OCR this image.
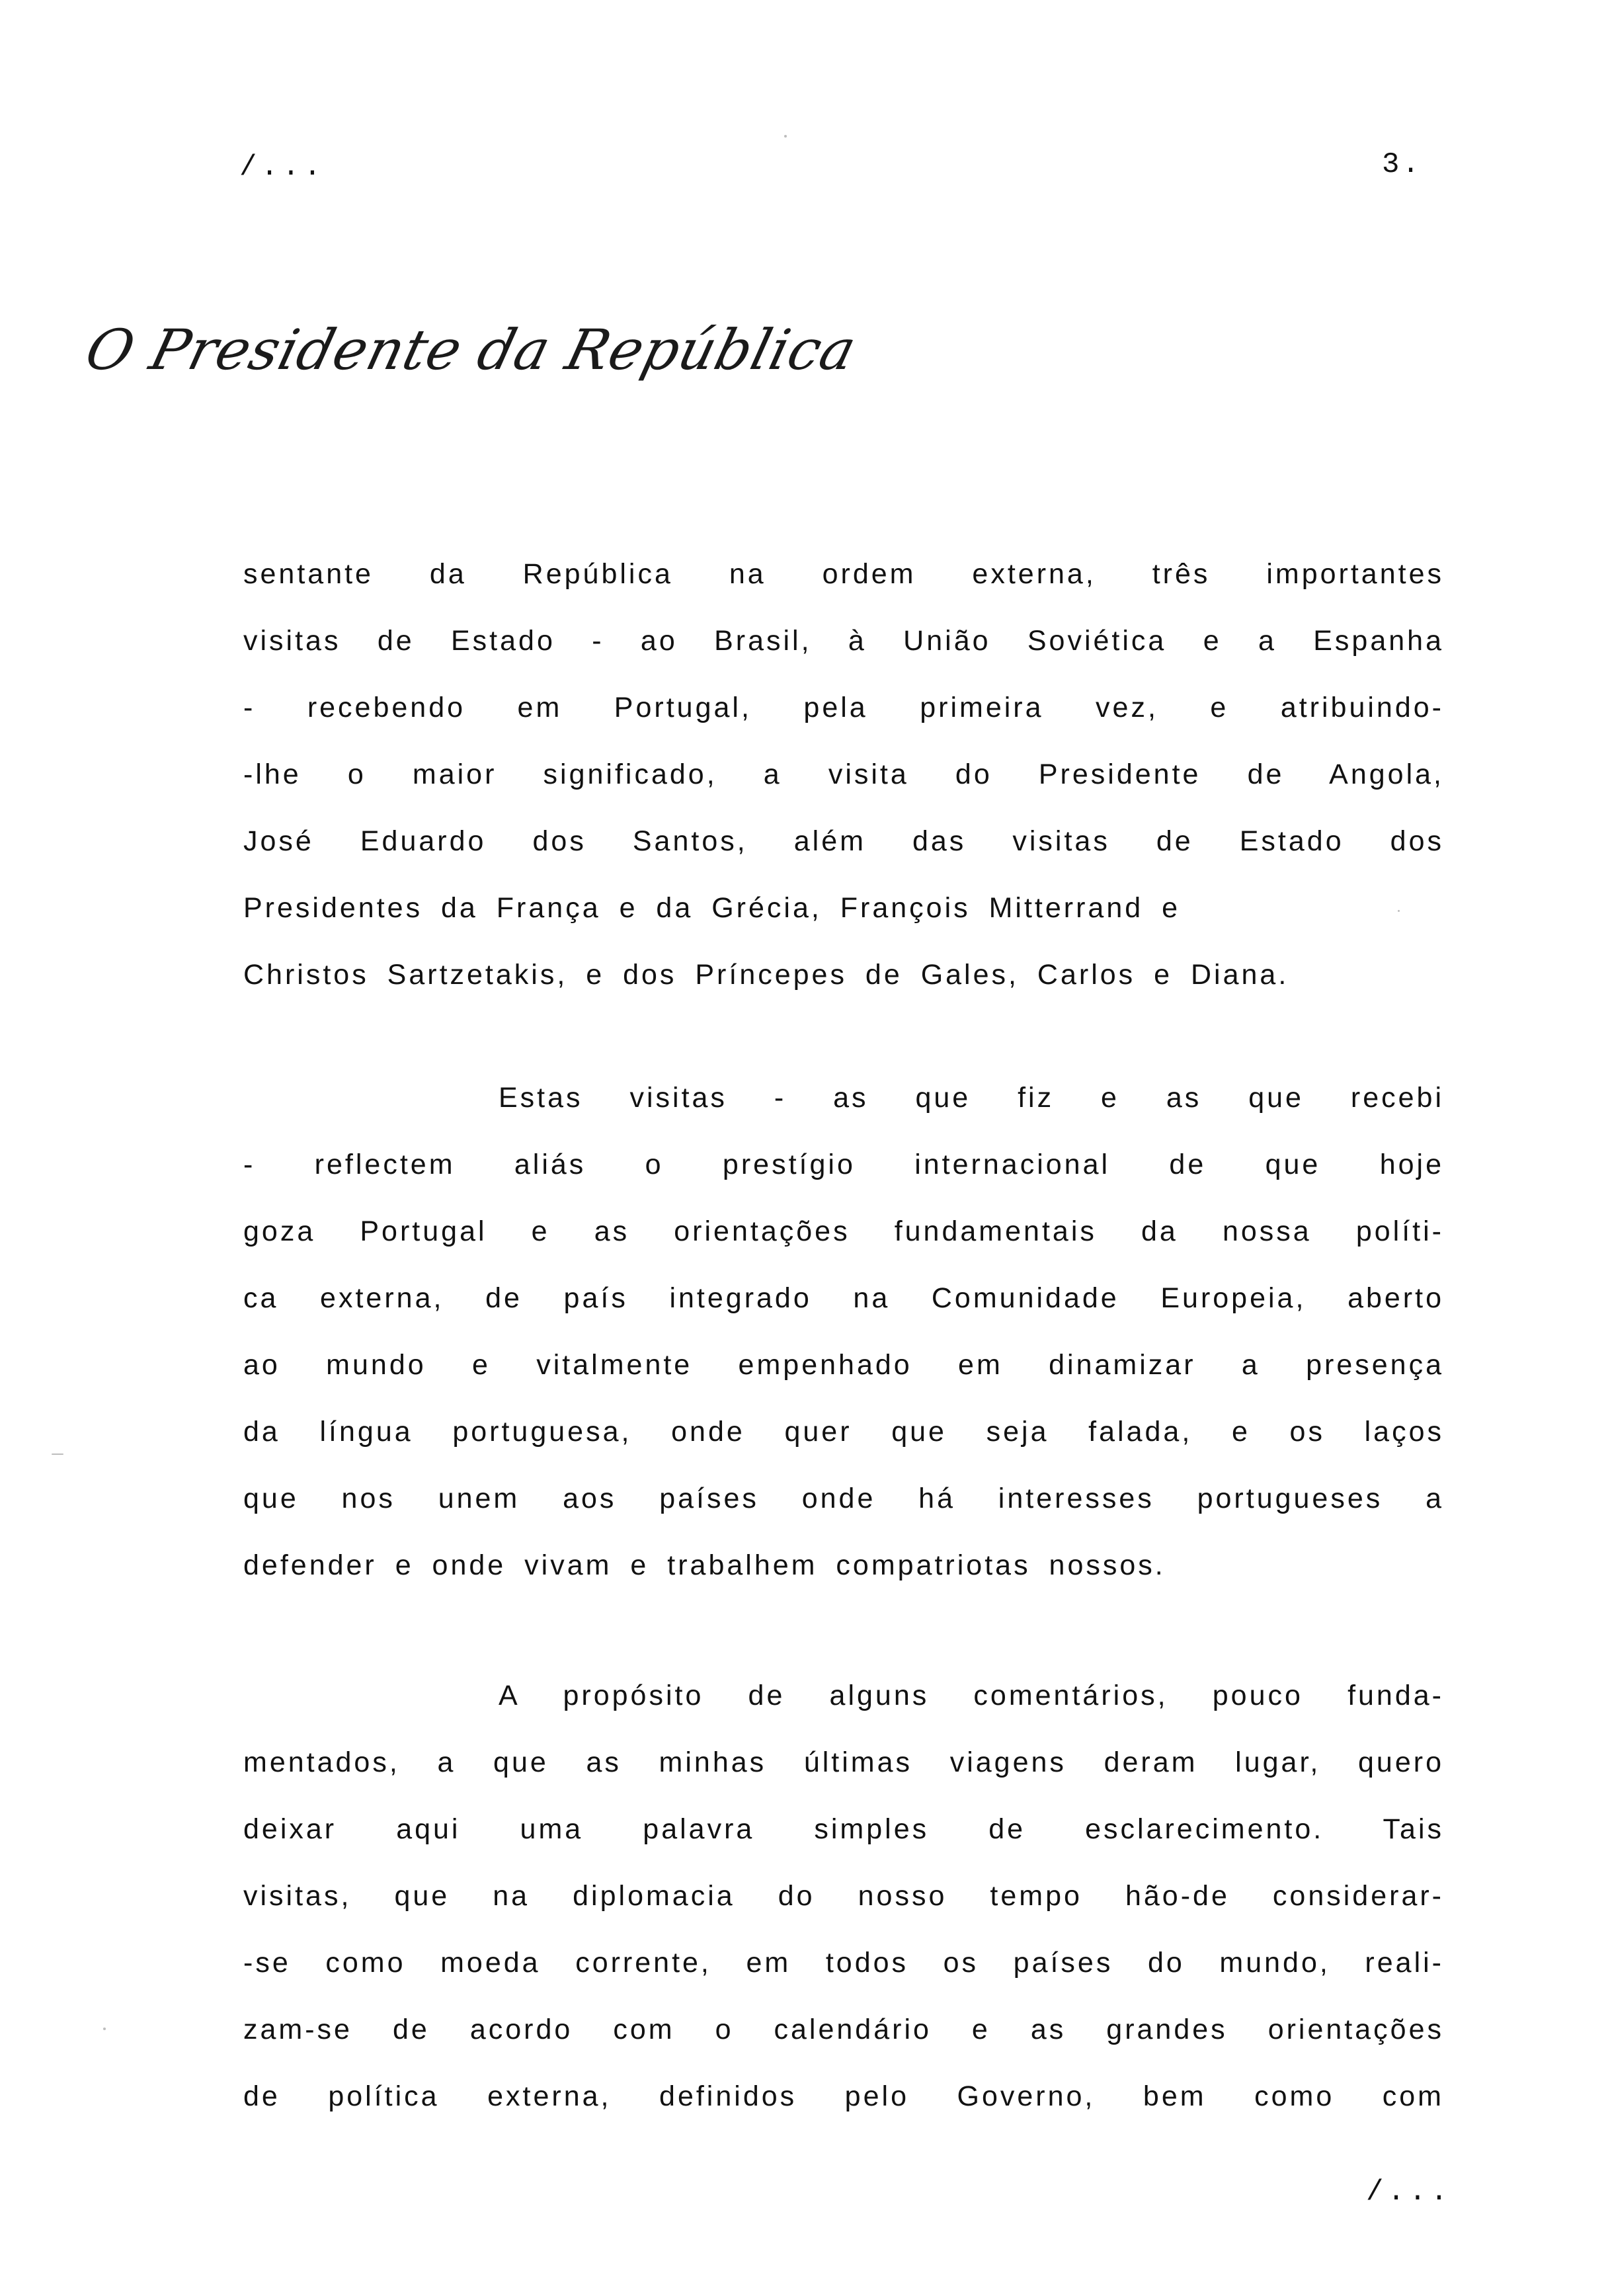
/...	3.
O Presidente da República
sentante da República na ordem externa, três importantes
visitas de Estado - ao Brasil, à União Soviética e a Espanha
- recebendo em Portugal, pela primeira vez, e atribuindo-
-lhe o maior significado, a visita do Presidente de Angola,
José Eduardo dos Santos, além das visitas de Estado dos
Presidentes da França e da Grécia, François Mitterrand e
Christos Sartzetakis, e dos Príncepes de Gales, Carlos e Diana.
Estas visitas - as que fiz e as que recebi
- reflectem aliás o prestígio internacional de que hoje
goza Portugal e as orientações fundamentais da nossa políti-
ca externa, de país integrado na Comunidade Europeia, aberto
ao mundo e vitalmente empenhado em dinamizar a presença
da língua portuguesa, onde quer que seja falada, e os laços
que nos unem aos países onde há interesses portugueses a
defender e onde vivam e trabalhem compatriotas nossos.
A propósito de alguns comentários, pouco funda-
mentados, a que as minhas últimas viagens deram lugar, quero
deixar aqui uma palavra simples de esclarecimento. Tais
visitas, que na diplomacia do nosso tempo hão-de considerar-
-se como moeda corrente, em todos os países do mundo, reali-
zam-se de acordo com o calendário e as grandes orientações
de política externa, definidos pelo Governo, bem como com
/...
